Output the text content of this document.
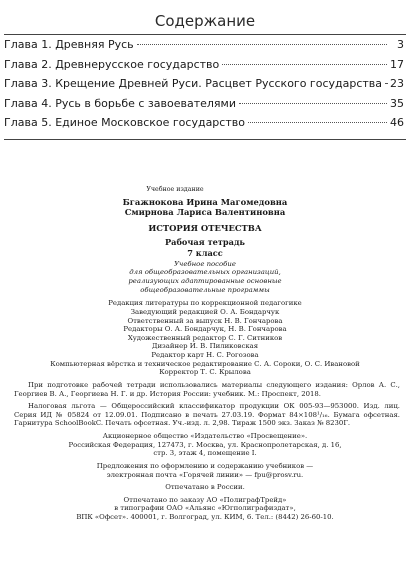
Содержание
Глава 1. Древняя Русь	3
Глава 2. Древнерусское государство	17
Глава 3. Крещение Древней Руси. Расцвет Русского государства 23
Глава 4. Русь в борьбе с завоевателями	35
Глава 5. Единое Московское государство	46
Учебное издание
Бгажнокова Ирина Магомедовна
Смирнова Лариса Валентиновна
ИСТОРИЯ ОТЕЧЕСТВА
Рабочая тетрадь
7 класс
Учебное пособие
для общеобразовательных организаций,
реализующих адаптированные основные
общеобразовательные программы
Редакция литературы по коррекционной педагогике
Заведующий редакцией О. А. Бондарчук
Ответственный за выпуск Н. В. Гончарова
Редакторы О. А. Бондарчук, Н. В. Гончарова
Художественный редактор С. Г. Ситников
Дизайнер И. В. Пиликовская
Редактор карт Н. С. Рогозова
Компьютерная вёрстка и техническое редактирование С. А. Сороки, О. С. Ивановой
Корректор Т. С. Крылова
При подготовке рабочей тетради использовались материалы следующего издания: Орлов А. С., Георгиев В. А., Георгиева Н. Г. и др. История России: учебник. М.: Проспект, 2018.
Налоговая льгота — Общероссийский классификатор продукции ОК 005-93—953000. Изд. лиц. Серия ИД № 05824 от 12.09.01. Подписано в печать 27.03.19. Формат 84×108¹/₁₆. Бумага офсетная. Гарнитура SchoolBookC. Печать офсетная. Уч.-изд. л. 2,98. Тираж 1500 экз. Заказ № 8230Г.
Акционерное общество «Издательство «Просвещение».
Российская Федерация, 127473, г. Москва, ул. Краснопролетарская, д. 16,
стр. 3, этаж 4, помещение I.
Предложения по оформлению и содержанию учебников —
электронная почта «Горячей линии» — fpu@prosv.ru.
Отпечатано в России.
Отпечатано по заказу АО «ПолиграфТрейд»
в типографии ОАО «Альянс «Югполиграфиздат»,
ВПК «Офсет». 400001, г. Волгоград, ул. КИМ, 6. Тел.: (8442) 26-60-10.
